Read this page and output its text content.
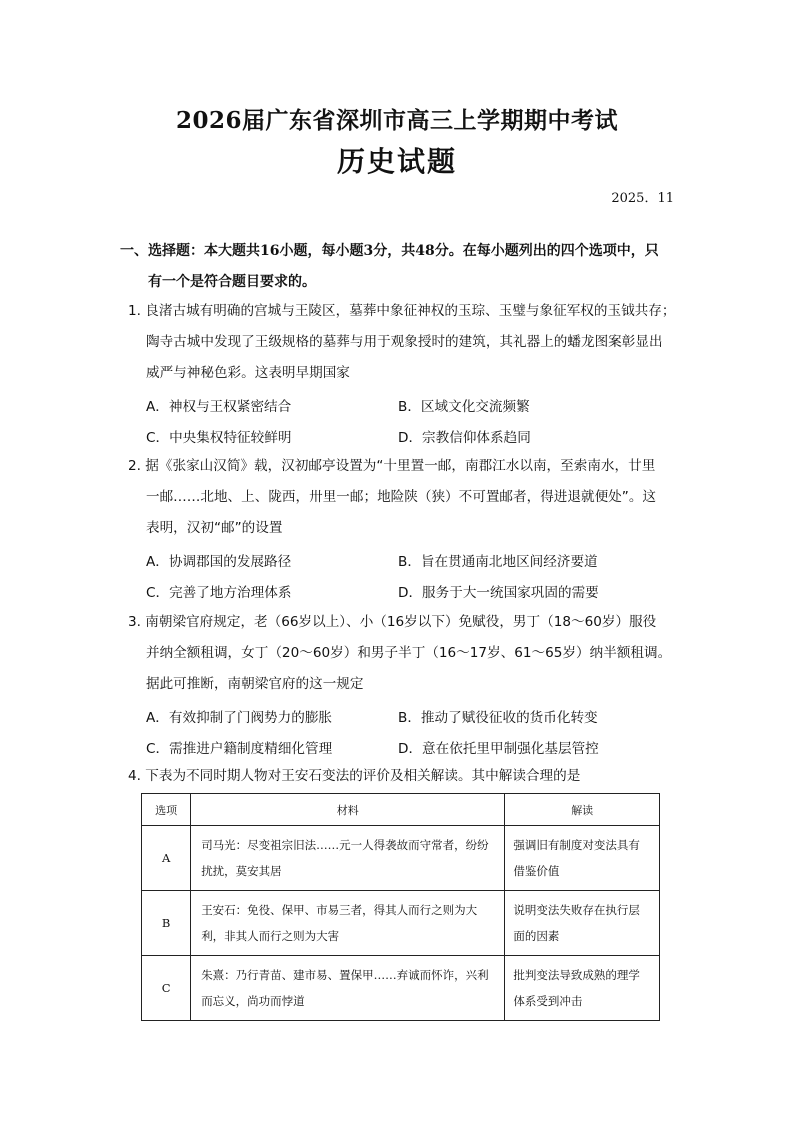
2026届广东省深圳市高三上学期期中考试
历史试题
2025．11
一、选择题：本大题共16小题，每小题3分，共48分。在每小题列出的四个选项中，只
有一个是符合题目要求的。
1. 良渚古城有明确的宫城与王陵区，墓葬中象征神权的玉琮、玉璧与象征军权的玉钺共存；
陶寺古城中发现了王级规格的墓葬与用于观象授时的建筑，其礼器上的蟠龙图案彰显出
威严与神秘色彩。这表明早期国家
A．神权与王权紧密结合	B．区域文化交流频繁
C．中央集权特征较鲜明	D．宗教信仰体系趋同
2. 据《张家山汉简》载，汉初邮亭设置为“十里置一邮，南郡江水以南，至索南水，廿里
一邮……北地、上、陇西，卅里一邮；地险陕（狭）不可置邮者，得进退就便处”。这
表明，汉初“邮”的设置
A．协调郡国的发展路径	B．旨在贯通南北地区间经济要道
C．完善了地方治理体系	D．服务于大一统国家巩固的需要
3. 南朝梁官府规定，老（66岁以上）、小（16岁以下）免赋役，男丁（18～60岁）服役
并纳全额租调，女丁（20～60岁）和男子半丁（16～17岁、61～65岁）纳半额租调。
据此可推断，南朝梁官府的这一规定
A．有效抑制了门阀势力的膨胀	B．推动了赋役征收的货币化转变
C．需推进户籍制度精细化管理	D．意在依托里甲制强化基层管控
4. 下表为不同时期人物对王安石变法的评价及相关解读。其中解读合理的是
选项	材料	解读
A	司马光：尽变祖宗旧法……元一人得袭故而守常者，纷纷扰扰，莫安其居	强调旧有制度对变法具有借鉴价值
B	王安石：免役、保甲、市易三者，得其人而行之则为大利，非其人而行之则为大害	说明变法失败存在执行层面的因素
C	朱熹：乃行青苗、建市易、置保甲……弃诚而怀诈，兴利而忘义，尚功而悖道	批判变法导致成熟的理学体系受到冲击
